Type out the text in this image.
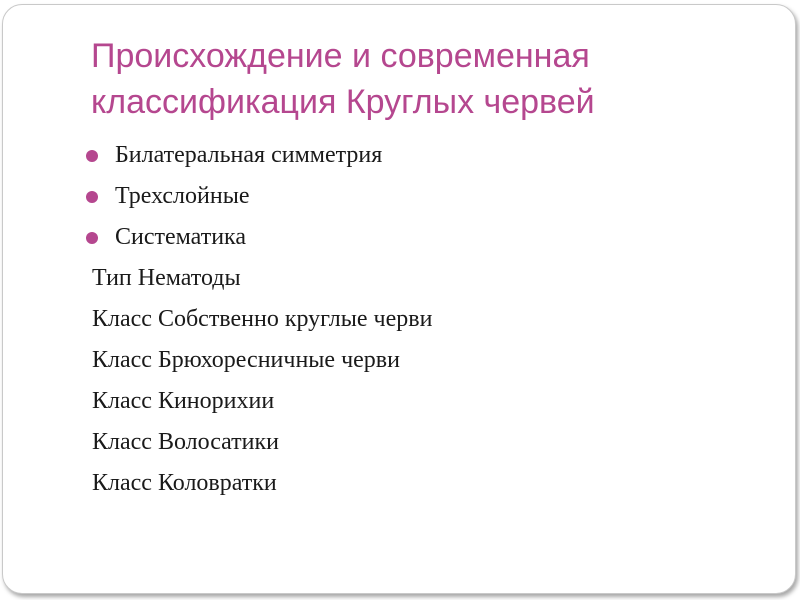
Происхождение и современная
классификация Круглых червей
Билатеральная симметрия
Трехслойные
Систематика
Тип Нематоды
Класс Собственно круглые черви
Класс Брюхоресничные черви
Класс Кинорихии
Класс Волосатики
Класс Коловратки
